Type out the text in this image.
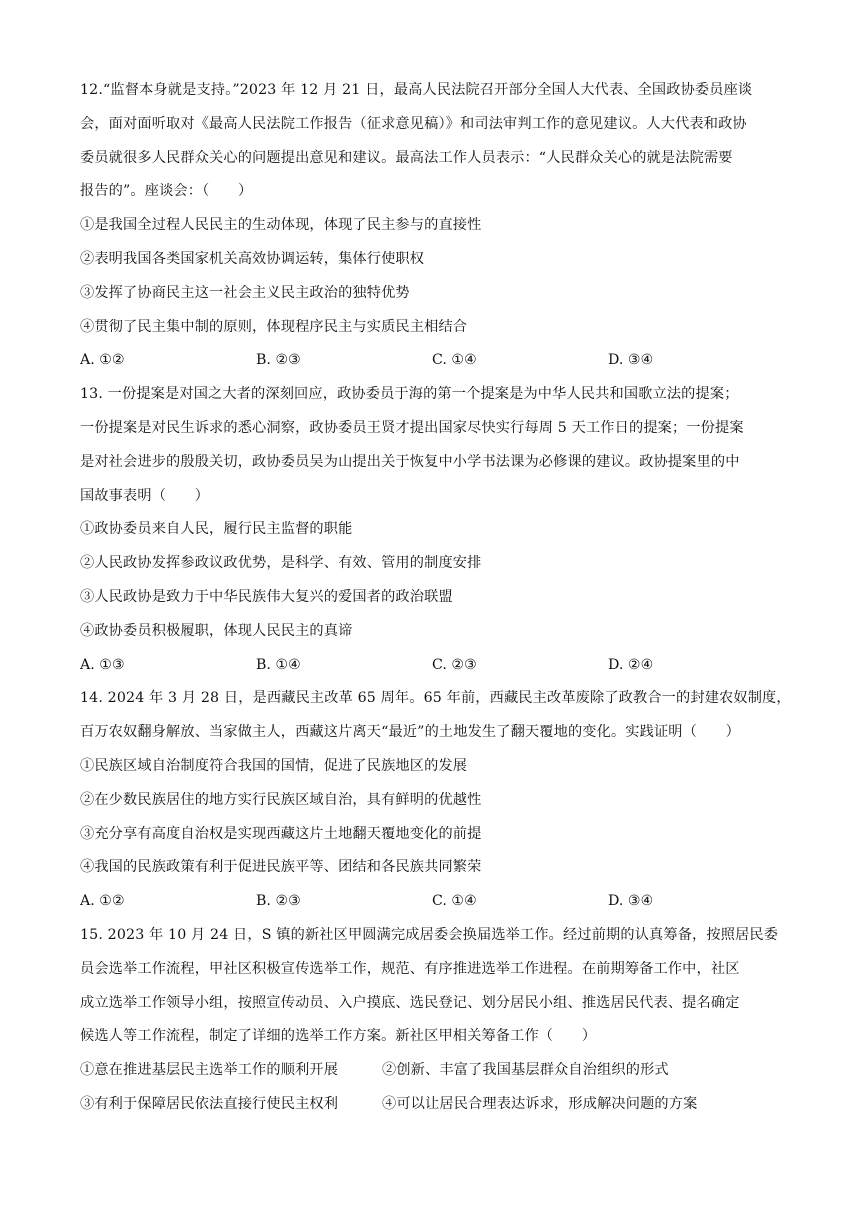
12.“监督本身就是支持。”2023 年 12 月 21 日，最高人民法院召开部分全国人大代表、全国政协委员座谈
会，面对面听取对《最高人民法院工作报告（征求意见稿）》和司法审判工作的意见建议。人大代表和政协
委员就很多人民群众关心的问题提出意见和建议。最高法工作人员表示：“人民群众关心的就是法院需要
报告的”。座谈会：（　　）
①是我国全过程人民民主的生动体现，体现了民主参与的直接性
②表明我国各类国家机关高效协调运转，集体行使职权
③发挥了协商民主这一社会主义民主政治的独特优势
④贯彻了民主集中制的原则，体现程序民主与实质民主相结合
A. ①②	B. ②③	C. ①④	D. ③④
13. 一份提案是对国之大者的深刻回应，政协委员于海的第一个提案是为中华人民共和国歌立法的提案；
一份提案是对民生诉求的悉心洞察，政协委员王贤才提出国家尽快实行每周 5 天工作日的提案；一份提案
是对社会进步的殷殷关切，政协委员吴为山提出关于恢复中小学书法课为必修课的建议。政协提案里的中
国故事表明（　　）
①政协委员来自人民，履行民主监督的职能
②人民政协发挥参政议政优势，是科学、有效、管用的制度安排
③人民政协是致力于中华民族伟大复兴的爱国者的政治联盟
④政协委员积极履职，体现人民民主的真谛
A. ①③	B. ①④	C. ②③	D. ②④
14. 2024 年 3 月 28 日，是西藏民主改革 65 周年。65 年前，西藏民主改革废除了政教合一的封建农奴制度，
百万农奴翻身解放、当家做主人，西藏这片离天“最近”的土地发生了翻天覆地的变化。实践证明（　　）
①民族区域自治制度符合我国的国情，促进了民族地区的发展
②在少数民族居住的地方实行民族区域自治，具有鲜明的优越性
③充分享有高度自治权是实现西藏这片土地翻天覆地变化的前提
④我国的民族政策有利于促进民族平等、团结和各民族共同繁荣
A. ①②	B. ②③	C. ①④	D. ③④
15. 2023 年 10 月 24 日，S 镇的新社区甲圆满完成居委会换届选举工作。经过前期的认真筹备，按照居民委
员会选举工作流程，甲社区积极宣传选举工作，规范、有序推进选举工作进程。在前期筹备工作中，社区
成立选举工作领导小组，按照宣传动员、入户摸底、选民登记、划分居民小组、推选居民代表、提名确定
候选人等工作流程，制定了详细的选举工作方案。新社区甲相关筹备工作（　　）
①意在推进基层民主选举工作的顺利开展	②创新、丰富了我国基层群众自治组织的形式
③有利于保障居民依法直接行使民主权利	④可以让居民合理表达诉求，形成解决问题的方案
